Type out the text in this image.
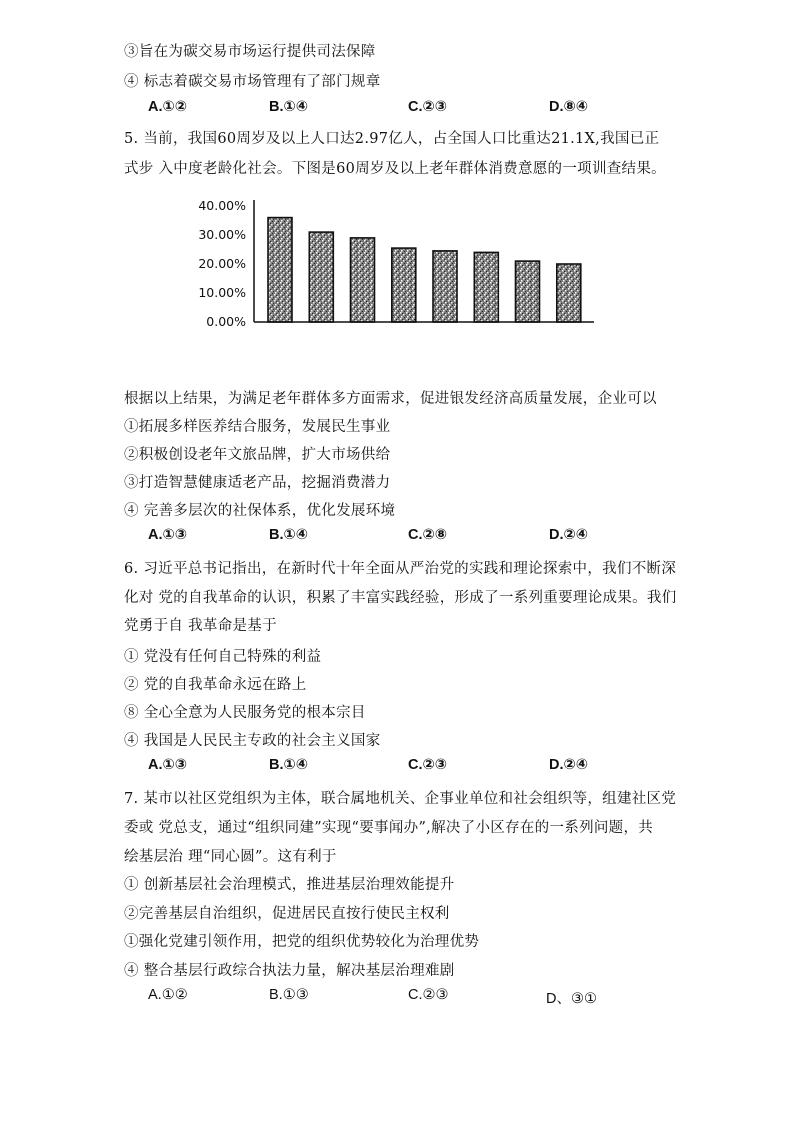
③旨在为碳交易市场运行提供司法保障
④ 标志着碳交易市场管理有了部门规章
A.①②	B.①④	C.②③	D.⑧④
5. 当前，我国60周岁及以上人口达2.97亿人，占全国人口比重达21.1X,我国已正
式步 入中度老龄化社会。下图是60周岁及以上老年群体消费意愿的一项训查结果。
40.00%
30.00%
20.00%
10.00%
0.00%
根据以上结果，为满足老年群体多方面需求，促进银发经济高质量发展，企业可以
①拓展多样医养结合服务，发展民生事业
②积极创设老年文旅品牌，扩大市场供给
③打造智慧健康适老产品，挖掘消费潜力
④ 完善多层次的社保体系，优化发展环境
A.①③	B.①④	C.②⑧	D.②④
6. 习近平总书记指出，在新时代十年全面从严治党的实践和理论探索中，我们不断深
化对 党的自我革命的认识，积累了丰富实践经验，形成了一系列重要理论成果。我们
党勇于自 我革命是基于
① 党没有任何自己特殊的利益
② 党的自我革命永远在路上
⑧ 全心全意为人民服务党的根本宗目
④ 我国是人民民主专政的社会主义国家
A.①③	B.①④	C.②③	D.②④
7. 某市以社区党组织为主体，联合属地机关、企事业单位和社会组织等，组建社区党
委或 党总支，通过“组织同建”实现“要事闻办”,解决了小区存在的一系列问题，共
绘基层治 理“同心圆”。这有利于
① 创新基层社会治理模式，推进基层治理效能提升
②完善基层自治组织，促进居民直按行使民主权利
①强化党建引领作用，把党的组织优势较化为治理优势
④ 整合基层行政综合执法力量，解决基层治理难剧
A.①②	B.①③	C.②③	D、③①
